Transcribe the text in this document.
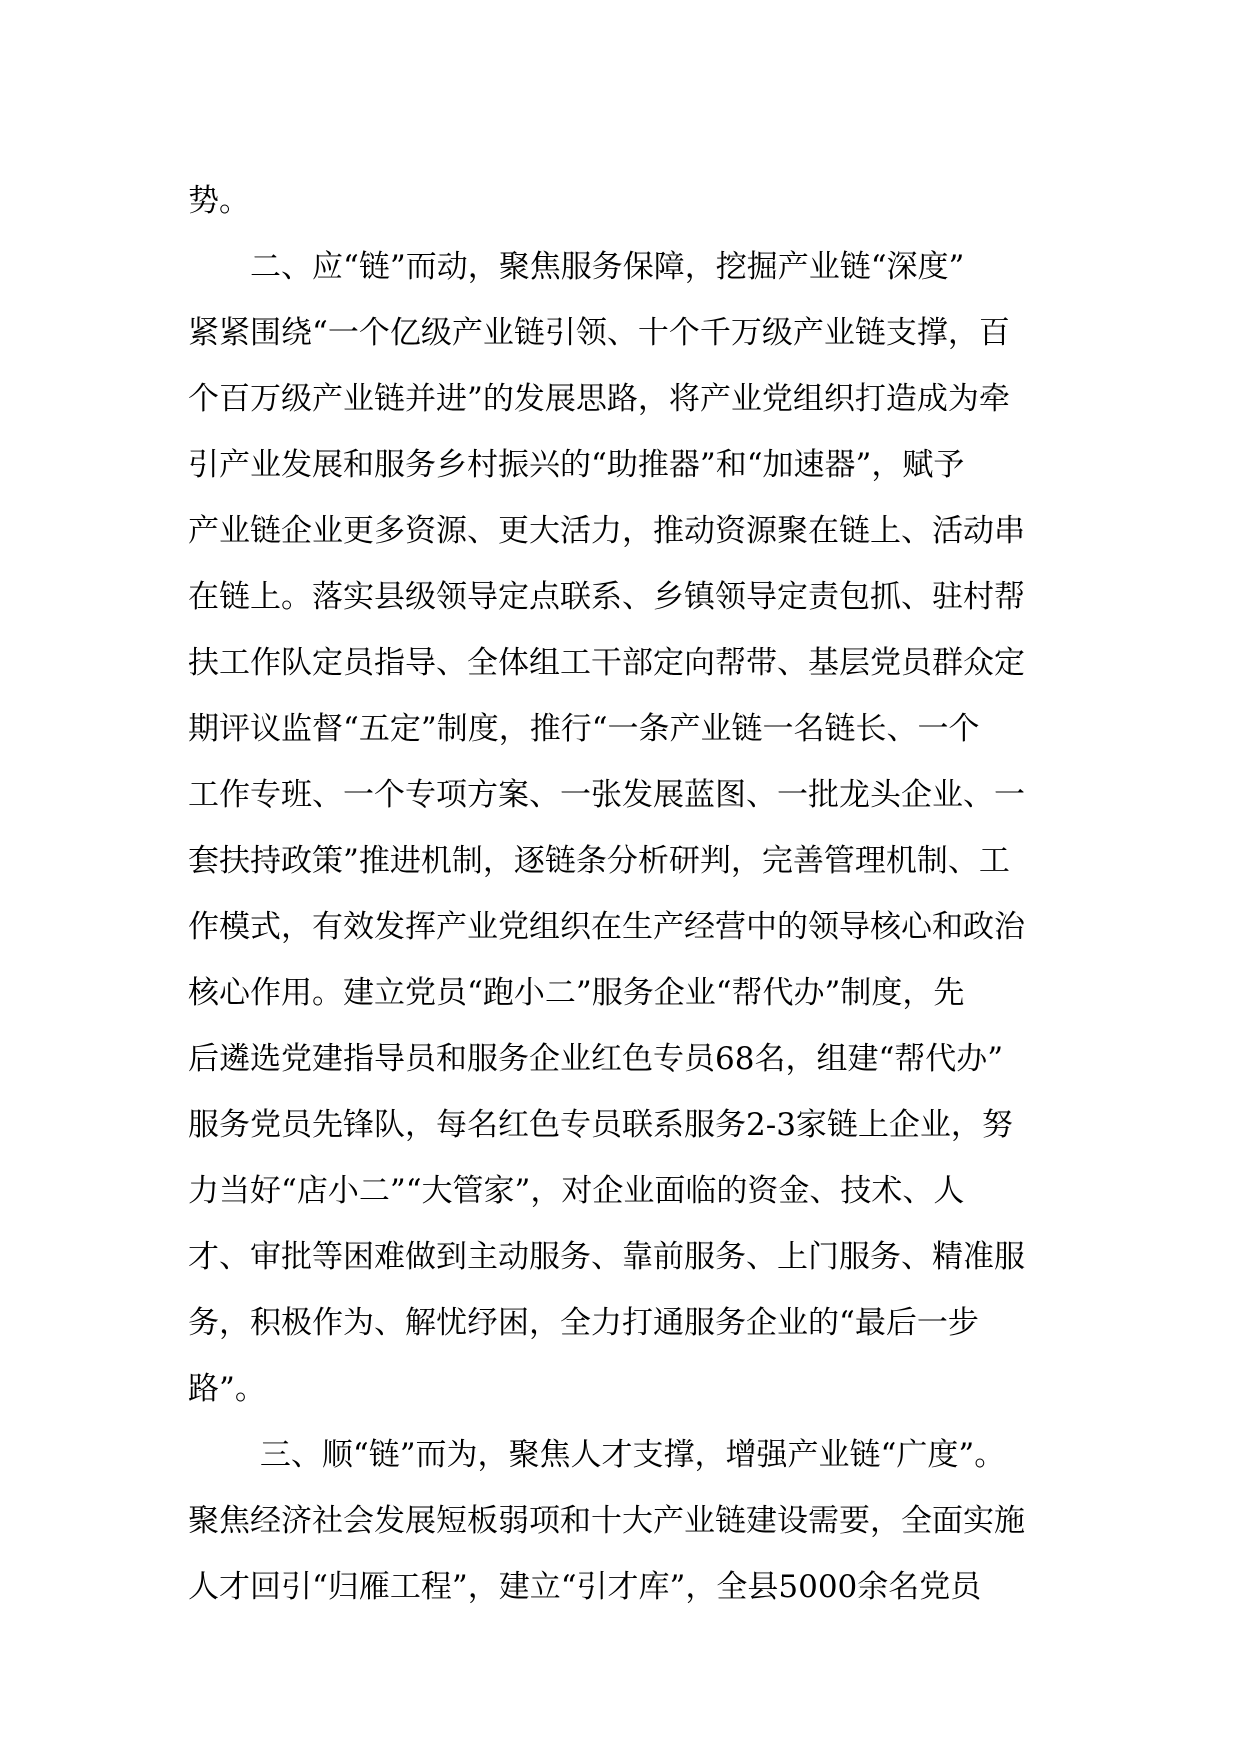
势。
　　二、应“链”而动，聚焦服务保障，挖掘产业链“深度”
紧紧围绕“一个亿级产业链引领、十个千万级产业链支撑，百
个百万级产业链并进”的发展思路，将产业党组织打造成为牵
引产业发展和服务乡村振兴的“助推器”和“加速器”，赋予
产业链企业更多资源、更大活力，推动资源聚在链上、活动串
在链上。落实县级领导定点联系、乡镇领导定责包抓、驻村帮
扶工作队定员指导、全体组工干部定向帮带、基层党员群众定
期评议监督“五定”制度，推行“一条产业链一名链长、一个
工作专班、一个专项方案、一张发展蓝图、一批龙头企业、一
套扶持政策”推进机制，逐链条分析研判，完善管理机制、工
作模式，有效发挥产业党组织在生产经营中的领导核心和政治
核心作用。建立党员“跑小二”服务企业“帮代办”制度，先
后遴选党建指导员和服务企业红色专员68名，组建“帮代办”
服务党员先锋队，每名红色专员联系服务2-3家链上企业，努
力当好“店小二”“大管家”，对企业面临的资金、技术、人
才、审批等困难做到主动服务、靠前服务、上门服务、精准服
务，积极作为、解忧纾困，全力打通服务企业的“最后一步
路”。
　　 三、顺“链”而为，聚焦人才支撑，增强产业链“广度”。
聚焦经济社会发展短板弱项和十大产业链建设需要，全面实施
人才回引“归雁工程”，建立“引才库”，全县5000余名党员
